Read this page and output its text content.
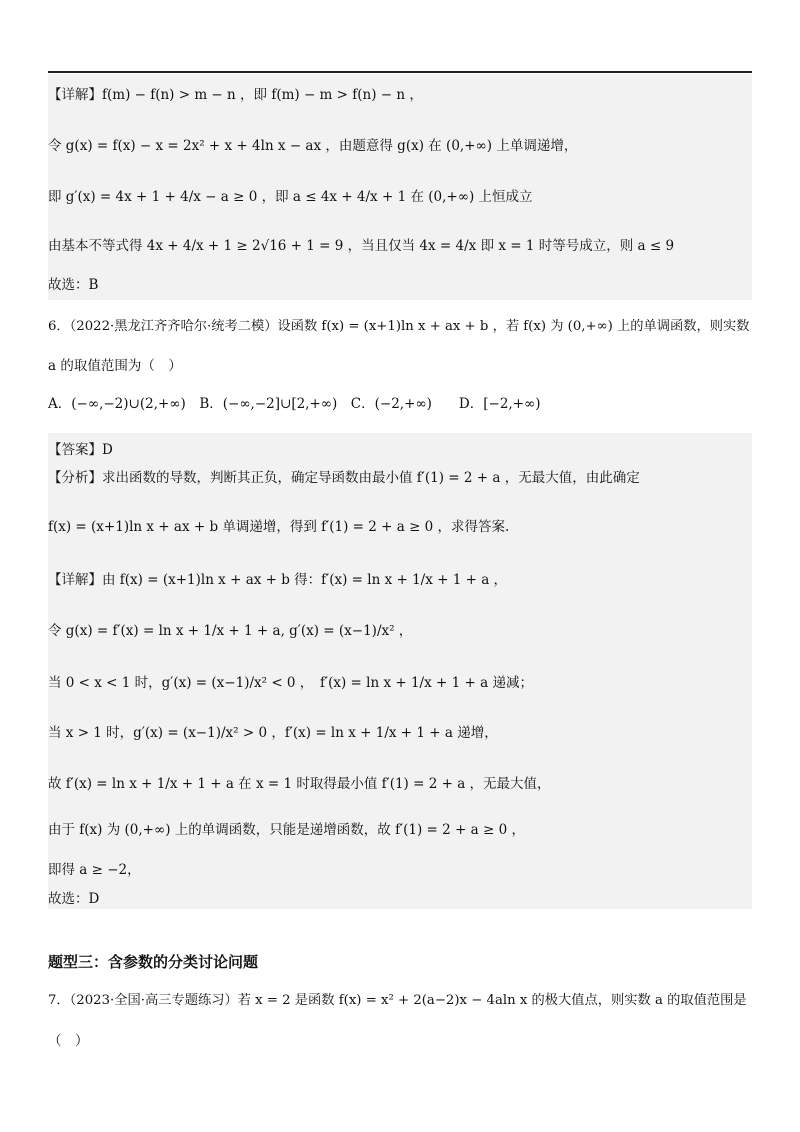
【详解】f(m) − f(n) > m − n ，即 f(m) − m > f(n) − n ，
令 g(x) = f(x) − x = 2x² + x + 4ln x − ax ，由题意得 g(x) 在 (0,+∞) 上单调递增，
即 g′(x) = 4x + 1 + 4/x − a ≥ 0 ，即 a ≤ 4x + 4/x + 1 在 (0,+∞) 上恒成立
由基本不等式得 4x + 4/x + 1 ≥ 2√16 + 1 = 9 ，当且仅当 4x = 4/x 即 x = 1 时等号成立，则 a ≤ 9
故选：B
6．（2022·黑龙江齐齐哈尔·统考二模）设函数 f(x) = (x+1)ln x + ax + b ，若 f(x) 为 (0,+∞) 上的单调函数，则实数
a 的取值范围为（　）
A．(−∞,−2)∪(2,+∞)　B．(−∞,−2]∪[2,+∞)　C．(−2,+∞)　　D．[−2,+∞)
【答案】D
【分析】求出函数的导数，判断其正负，确定导函数由最小值 f′(1) = 2 + a ，无最大值，由此确定
f(x) = (x+1)ln x + ax + b 单调递增，得到 f′(1) = 2 + a ≥ 0 ，求得答案.
【详解】由 f(x) = (x+1)ln x + ax + b 得：f′(x) = ln x + 1/x + 1 + a ，
令 g(x) = f′(x) = ln x + 1/x + 1 + a, g′(x) = (x−1)/x² ，
当 0 < x < 1 时，g′(x) = (x−1)/x² < 0 ，　f′(x) = ln x + 1/x + 1 + a 递减；
当 x > 1 时，g′(x) = (x−1)/x² > 0 ，f′(x) = ln x + 1/x + 1 + a 递增，
故 f′(x) = ln x + 1/x + 1 + a 在 x = 1 时取得最小值 f′(1) = 2 + a ，无最大值，
由于 f(x) 为 (0,+∞) 上的单调函数，只能是递增函数，故 f′(1) = 2 + a ≥ 0 ，
即得 a ≥ −2，
故选：D
题型三：含参数的分类讨论问题
7．（2023·全国·高三专题练习）若 x = 2 是函数 f(x) = x² + 2(a−2)x − 4aln x 的极大值点，则实数 a 的取值范围是
（　）
